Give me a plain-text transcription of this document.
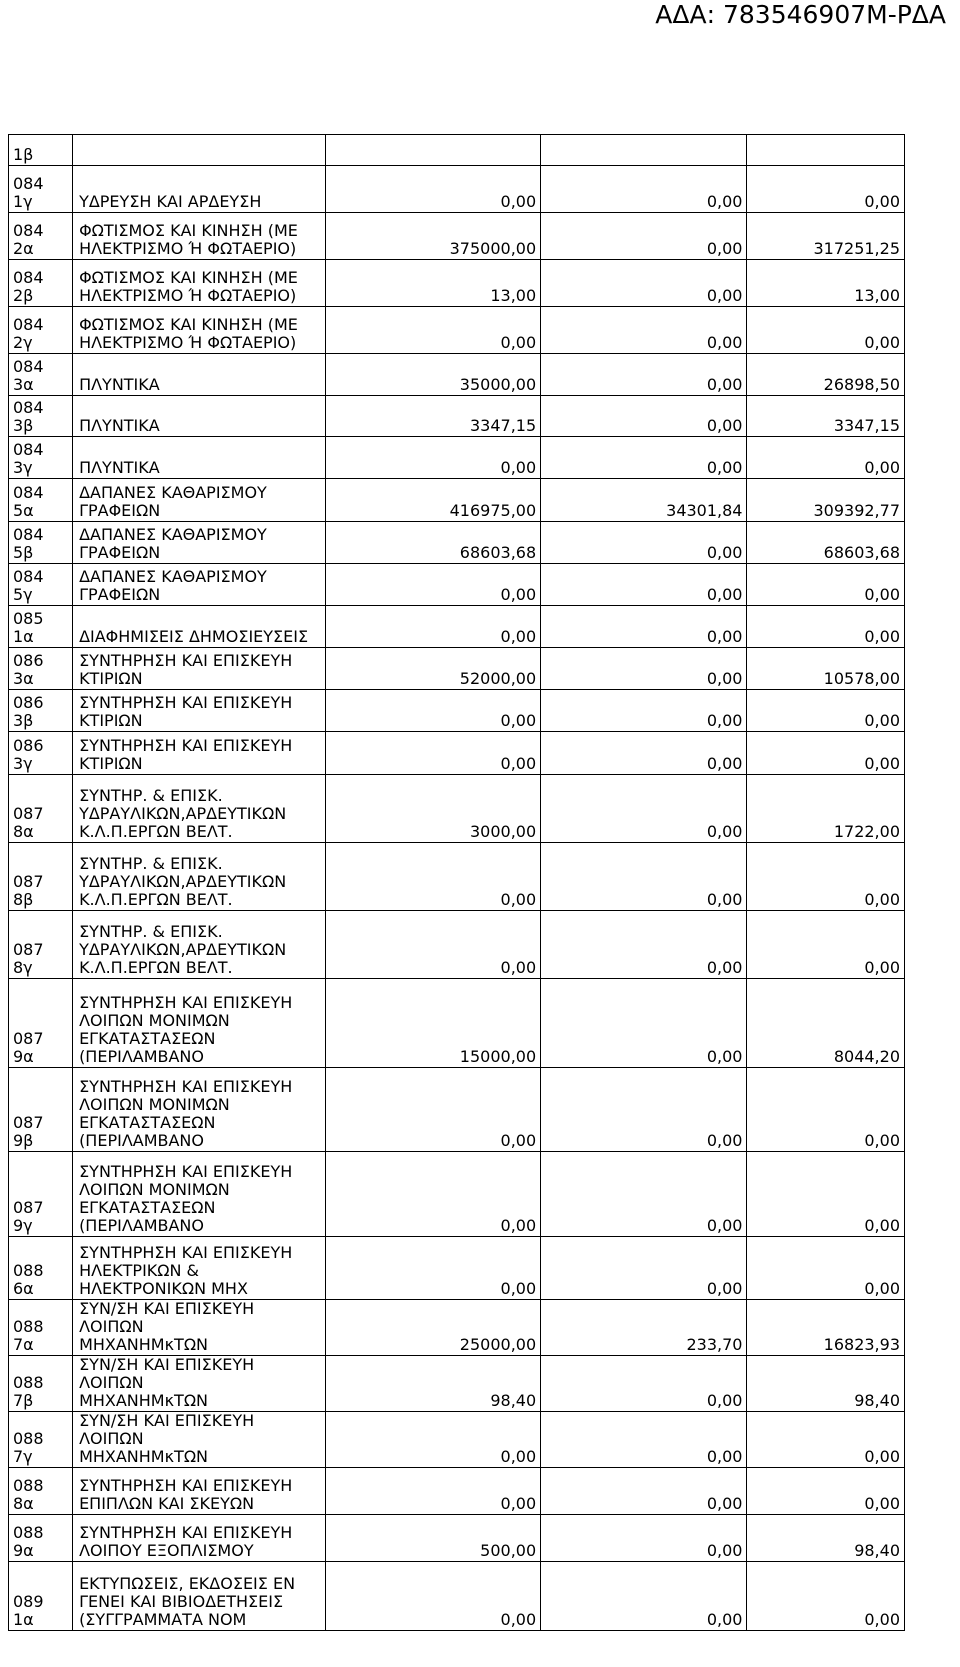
ΑΔΑ: 783546907Μ-ΡΔΑ
1β				
084
1γ	ΥΔΡΕΥΣΗ ΚΑΙ ΑΡΔΕΥΣΗ	0,00	0,00	0,00
084
2α	ΦΩΤΙΣΜΟΣ ΚΑΙ ΚΙΝΗΣΗ (ΜΕ
ΗΛΕΚΤΡΙΣΜΟ Ή ΦΩΤΑΕΡΙΟ)	375000,00	0,00	317251,25
084
2β	ΦΩΤΙΣΜΟΣ ΚΑΙ ΚΙΝΗΣΗ (ΜΕ
ΗΛΕΚΤΡΙΣΜΟ Ή ΦΩΤΑΕΡΙΟ)	13,00	0,00	13,00
084
2γ	ΦΩΤΙΣΜΟΣ ΚΑΙ ΚΙΝΗΣΗ (ΜΕ
ΗΛΕΚΤΡΙΣΜΟ Ή ΦΩΤΑΕΡΙΟ)	0,00	0,00	0,00
084
3α	ΠΛΥΝΤΙΚΑ	35000,00	0,00	26898,50
084
3β	ΠΛΥΝΤΙΚΑ	3347,15	0,00	3347,15
084
3γ	ΠΛΥΝΤΙΚΑ	0,00	0,00	0,00
084
5α	ΔΑΠΑΝΕΣ ΚΑΘΑΡΙΣΜΟΥ
ΓΡΑΦΕΙΩΝ	416975,00	34301,84	309392,77
084
5β	ΔΑΠΑΝΕΣ ΚΑΘΑΡΙΣΜΟΥ
ΓΡΑΦΕΙΩΝ	68603,68	0,00	68603,68
084
5γ	ΔΑΠΑΝΕΣ ΚΑΘΑΡΙΣΜΟΥ
ΓΡΑΦΕΙΩΝ	0,00	0,00	0,00
085
1α	ΔΙΑΦΗΜΙΣΕΙΣ ΔΗΜΟΣΙΕΥΣΕΙΣ	0,00	0,00	0,00
086
3α	ΣΥΝΤΗΡΗΣΗ ΚΑΙ ΕΠΙΣΚΕΥΗ
ΚΤΙΡΙΩΝ	52000,00	0,00	10578,00
086
3β	ΣΥΝΤΗΡΗΣΗ ΚΑΙ ΕΠΙΣΚΕΥΗ
ΚΤΙΡΙΩΝ	0,00	0,00	0,00
086
3γ	ΣΥΝΤΗΡΗΣΗ ΚΑΙ ΕΠΙΣΚΕΥΗ
ΚΤΙΡΙΩΝ	0,00	0,00	0,00
087
8α	ΣΥΝΤΗΡ. & ΕΠΙΣΚ.
ΥΔΡΑΥΛΙΚΩΝ,ΑΡΔΕΥΤΙΚΩΝ
Κ.Λ.Π.ΕΡΓΩΝ ΒΕΛΤ.	3000,00	0,00	1722,00
087
8β	ΣΥΝΤΗΡ. & ΕΠΙΣΚ.
ΥΔΡΑΥΛΙΚΩΝ,ΑΡΔΕΥΤΙΚΩΝ
Κ.Λ.Π.ΕΡΓΩΝ ΒΕΛΤ.	0,00	0,00	0,00
087
8γ	ΣΥΝΤΗΡ. & ΕΠΙΣΚ.
ΥΔΡΑΥΛΙΚΩΝ,ΑΡΔΕΥΤΙΚΩΝ
Κ.Λ.Π.ΕΡΓΩΝ ΒΕΛΤ.	0,00	0,00	0,00
087
9α	ΣΥΝΤΗΡΗΣΗ ΚΑΙ ΕΠΙΣΚΕΥΗ
ΛΟΙΠΩΝ ΜΟΝΙΜΩΝ
ΕΓΚΑΤΑΣΤΑΣΕΩΝ
(ΠΕΡΙΛΑΜΒΑΝΟ	15000,00	0,00	8044,20
087
9β	ΣΥΝΤΗΡΗΣΗ ΚΑΙ ΕΠΙΣΚΕΥΗ
ΛΟΙΠΩΝ ΜΟΝΙΜΩΝ
ΕΓΚΑΤΑΣΤΑΣΕΩΝ
(ΠΕΡΙΛΑΜΒΑΝΟ	0,00	0,00	0,00
087
9γ	ΣΥΝΤΗΡΗΣΗ ΚΑΙ ΕΠΙΣΚΕΥΗ
ΛΟΙΠΩΝ ΜΟΝΙΜΩΝ
ΕΓΚΑΤΑΣΤΑΣΕΩΝ
(ΠΕΡΙΛΑΜΒΑΝΟ	0,00	0,00	0,00
088
6α	ΣΥΝΤΗΡΗΣΗ ΚΑΙ ΕΠΙΣΚΕΥΗ
ΗΛΕΚΤΡΙΚΩΝ &
ΗΛΕΚΤΡΟΝΙΚΩΝ ΜΗΧ	0,00	0,00	0,00
088
7α	ΣΥΝ/ΣΗ ΚΑΙ ΕΠΙΣΚΕΥΗ ΛΟΙΠΩΝ
ΜΗΧΑΝΗΜκΤΩΝ	25000,00	233,70	16823,93
088
7β	ΣΥΝ/ΣΗ ΚΑΙ ΕΠΙΣΚΕΥΗ ΛΟΙΠΩΝ
ΜΗΧΑΝΗΜκΤΩΝ	98,40	0,00	98,40
088
7γ	ΣΥΝ/ΣΗ ΚΑΙ ΕΠΙΣΚΕΥΗ ΛΟΙΠΩΝ
ΜΗΧΑΝΗΜκΤΩΝ	0,00	0,00	0,00
088
8α	ΣΥΝΤΗΡΗΣΗ ΚΑΙ ΕΠΙΣΚΕΥΗ
ΕΠΙΠΛΩΝ ΚΑΙ ΣΚΕΥΩΝ	0,00	0,00	0,00
088
9α	ΣΥΝΤΗΡΗΣΗ ΚΑΙ ΕΠΙΣΚΕΥΗ
ΛΟΙΠΟΥ ΕΞΟΠΛΙΣΜΟΥ	500,00	0,00	98,40
089
1α	ΕΚΤΥΠΩΣΕΙΣ, ΕΚΔΟΣΕΙΣ ΕΝ
ΓΕΝΕΙ ΚΑΙ ΒΙΒΙΟΔΕΤΗΣΕΙΣ
(ΣΥΓΓΡΑΜΜΑΤΑ ΝΟΜ	0,00	0,00	0,00
